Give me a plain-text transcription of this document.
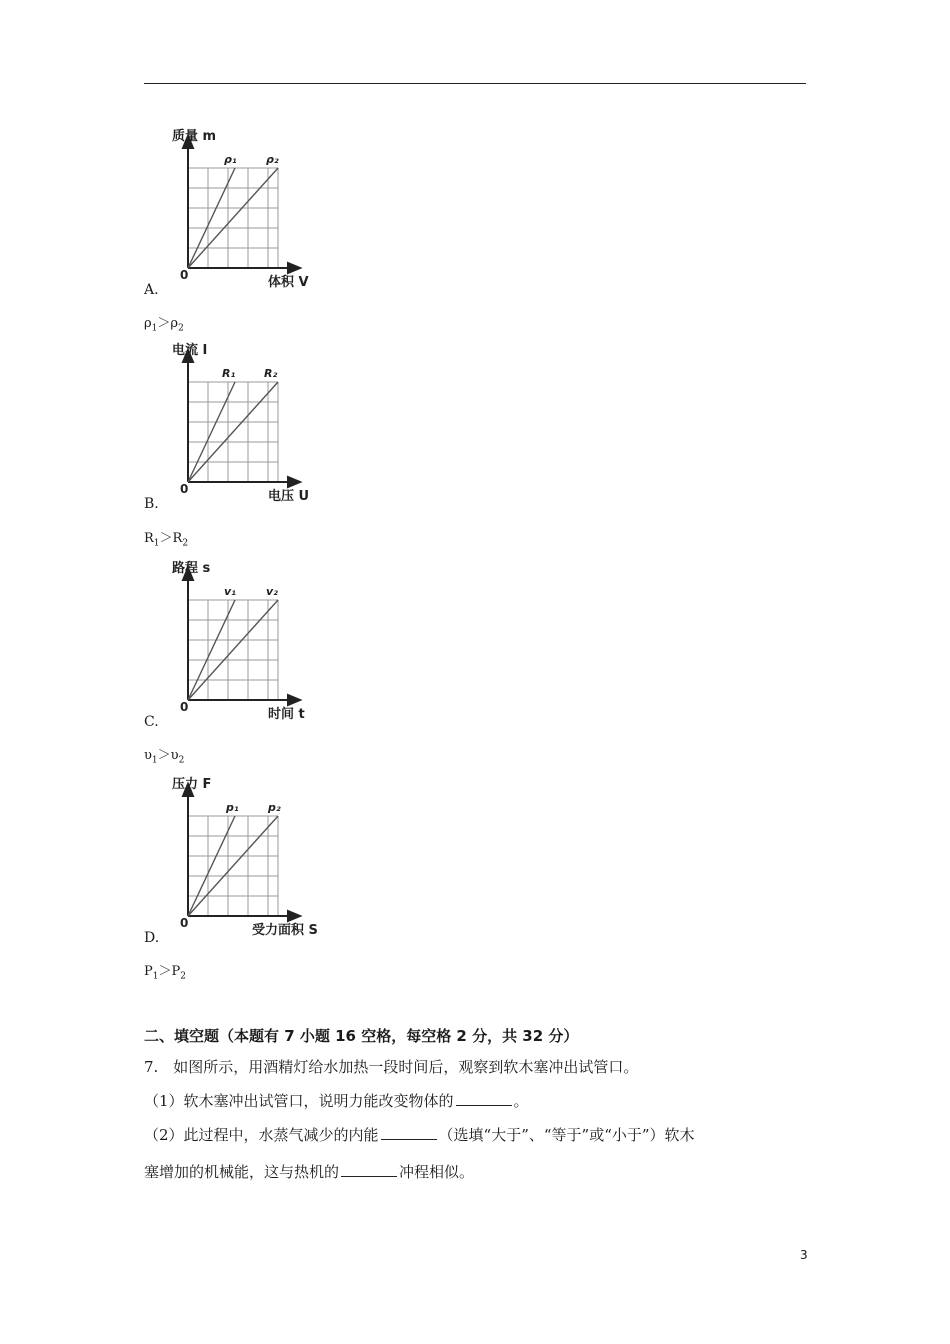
质量 m
体积 V
0
ρ₁	ρ₂
A.
$\rho_1>\rho_2$
电流 I
电压 U
0
R₁	R₂
B.
$R_1>R_2$
路程 s
时间 t
0
v₁	v₂
C.
$\upsilon_1>\upsilon_2$
压力 F
受力面积 S
0
p₁	p₂
D.
$P_1>P_2$
二、填空题（本题有 7 小题 16 空格，每空格 2 分，共 32 分）
7.　如图所示，用酒精灯给水加热一段时间后，观察到软木塞冲出试管口。
（1）软木塞冲出试管口，说明力能改变物体的	。
（2）此过程中，水蒸气减少的内能	（选填“大于”、“等于”或“小于”）软木
塞增加的机械能，这与热机的	冲程相似。
3
